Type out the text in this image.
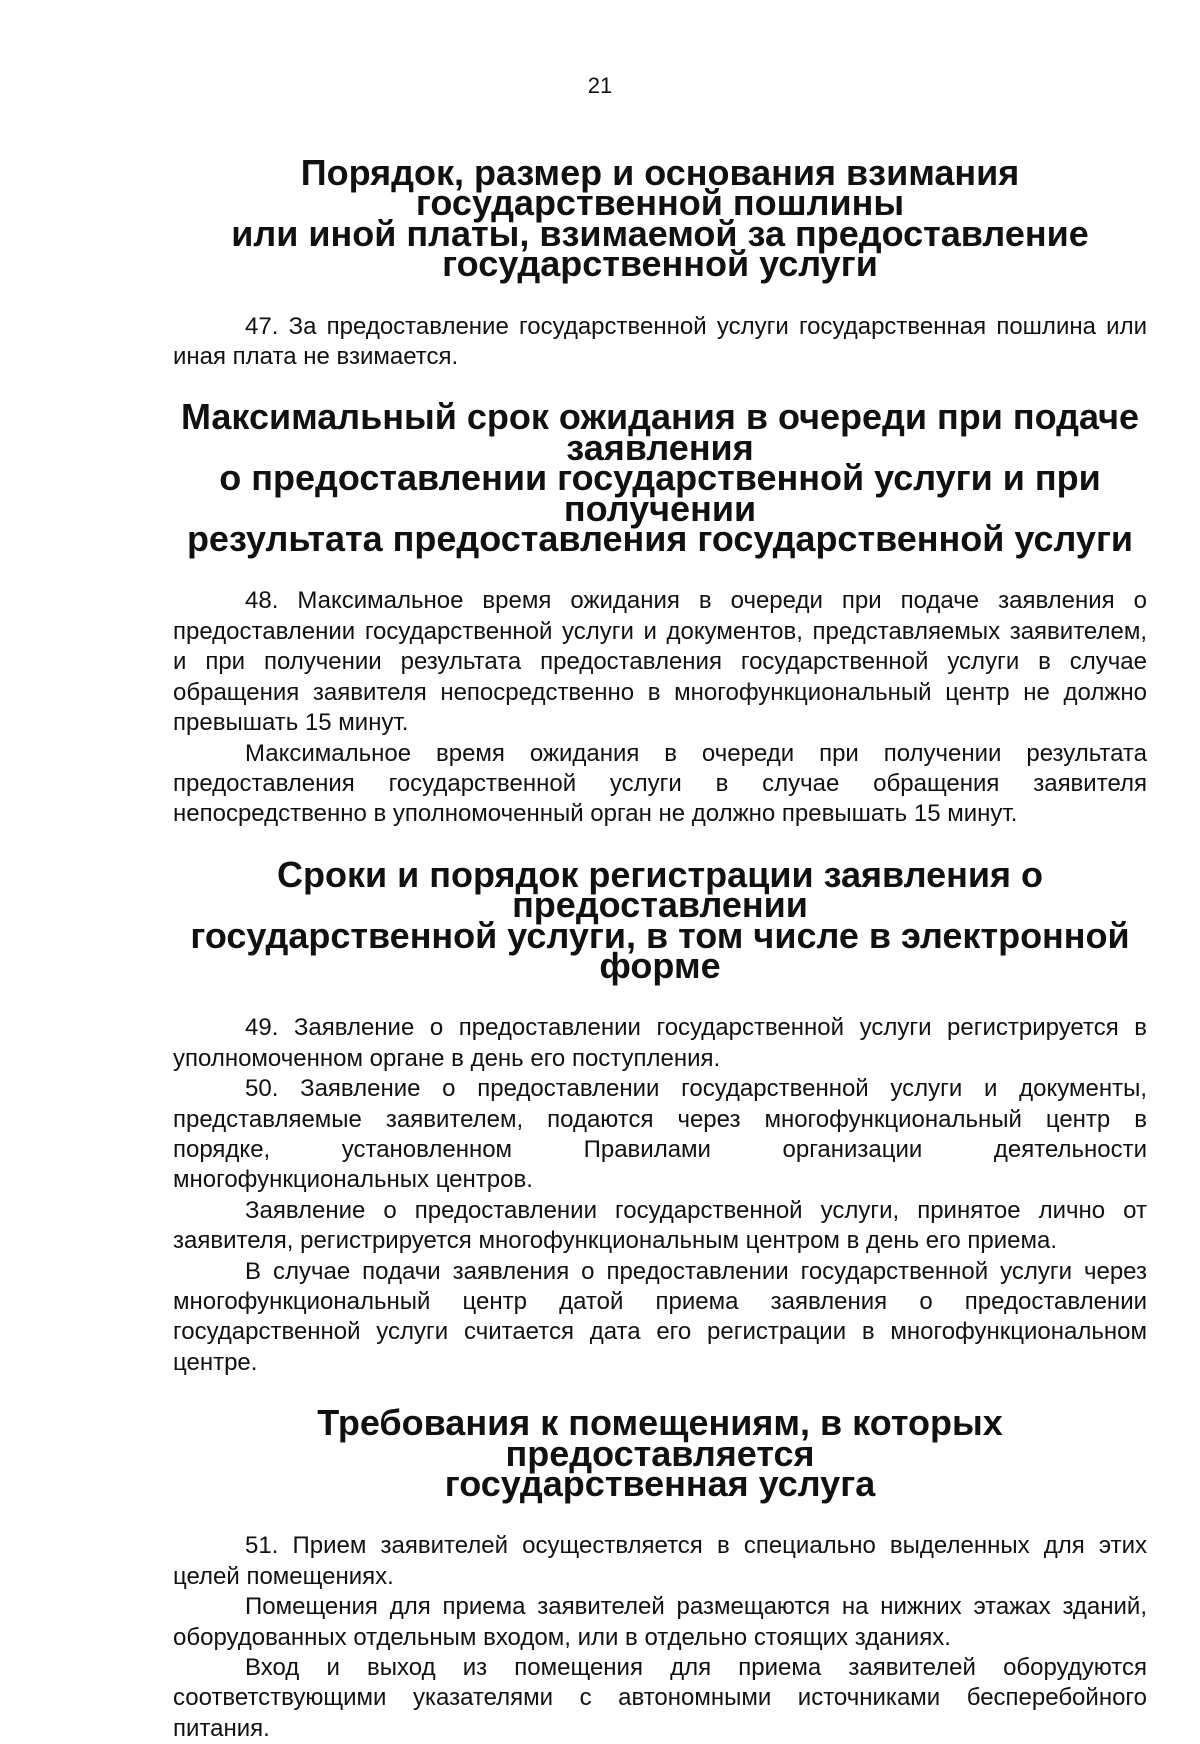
21
Порядок, размер и основания взимания государственной пошлины
или иной платы, взимаемой за предоставление
государственной услуги

47. За предоставление государственной услуги государственная пошлина или иная плата не взимается.

Максимальный срок ожидания в очереди при подаче заявления
о предоставлении государственной услуги и при получении
результата предоставления государственной услуги

48. Максимальное время ожидания в очереди при подаче заявления о предоставлении государственной услуги и документов, представляемых заявителем, и при получении результата предоставления государственной услуги в случае обращения заявителя непосредственно в многофункциональный центр не должно превышать 15 минут.

Максимальное время ожидания в очереди при получении результата предоставления государственной услуги в случае обращения заявителя непосредственно в уполномоченный орган не должно превышать 15 минут.

Сроки и порядок регистрации заявления о предоставлении
государственной услуги, в том числе в электронной форме

49. Заявление о предоставлении государственной услуги регистрируется в уполномоченном органе в день его поступления.

50. Заявление о предоставлении государственной услуги и документы, представляемые заявителем, подаются через многофункциональный центр в порядке, установленном Правилами организации деятельности многофункциональных центров.

Заявление о предоставлении государственной услуги, принятое лично от заявителя, регистрируется многофункциональным центром в день его приема.

В случае подачи заявления о предоставлении государственной услуги через многофункциональный центр датой приема заявления о предоставлении государственной услуги считается дата его регистрации в многофункциональном центре.

Требования к помещениям, в которых предоставляется
государственная услуга

51. Прием заявителей осуществляется в специально выделенных для этих целей помещениях.

Помещения для приема заявителей размещаются на нижних этажах зданий, оборудованных отдельным входом, или в отдельно стоящих зданиях.

Вход и выход из помещения для приема заявителей оборудуются соответствующими указателями с автономными источниками бесперебойного питания.
